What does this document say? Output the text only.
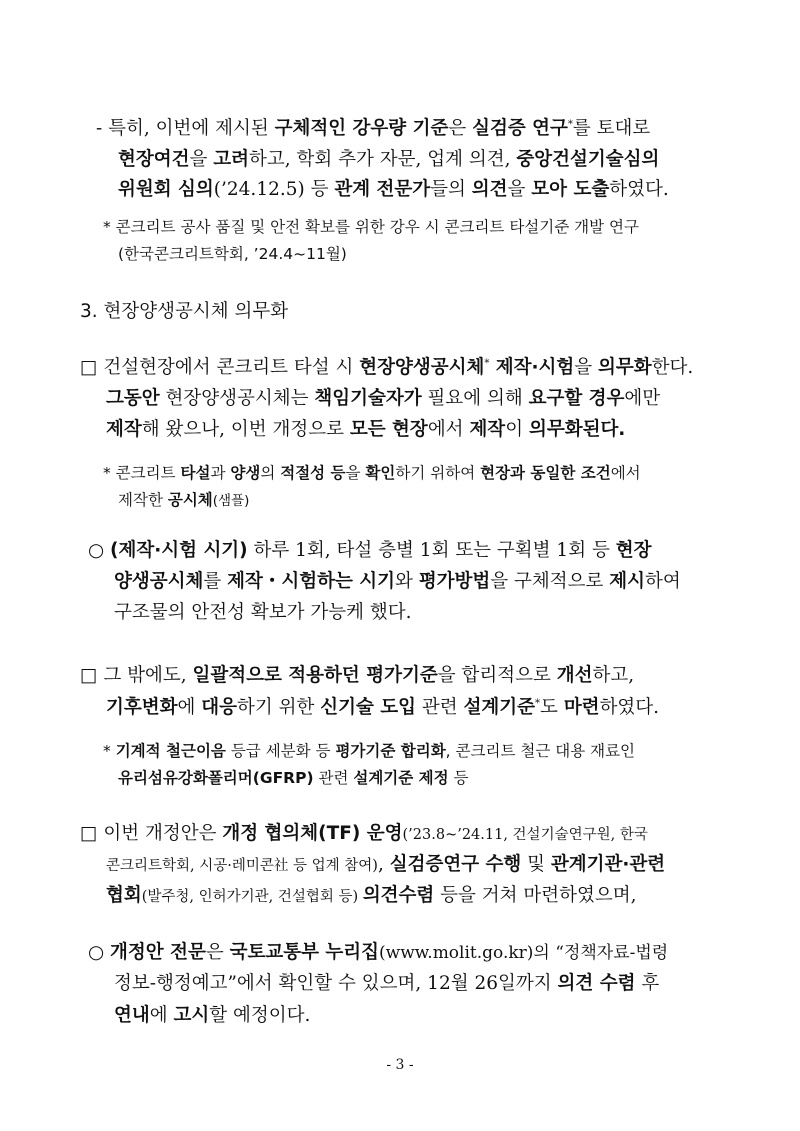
- 특히, 이번에 제시된 구체적인 강우량 기준은 실검증 연구*를 토대로
현장여건을 고려하고, 학회 추가 자문, 업계 의견, 중앙건설기술심의
위원회 심의(’24.12.5) 등 관계 전문가들의 의견을 모아 도출하였다.
* 콘크리트 공사 품질 및 안전 확보를 위한 강우 시 콘크리트 타설기준 개발 연구
(한국콘크리트학회, ’24.4~11월)
3. 현장양생공시체 의무화
□ 건설현장에서 콘크리트 타설 시 현장양생공시체* 제작·시험을 의무화한다.
그동안 현장양생공시체는 책임기술자가 필요에 의해 요구할 경우에만
제작해 왔으나, 이번 개정으로 모든 현장에서 제작이 의무화된다.
* 콘크리트 타설과 양생의 적절성 등을 확인하기 위하여 현장과 동일한 조건에서
제작한 공시체(샘플)
○ (제작·시험 시기) 하루 1회, 타설 층별 1회 또는 구획별 1회 등 현장
양생공시체를 제작・시험하는 시기와 평가방법을 구체적으로 제시하여
구조물의 안전성 확보가 가능케 했다.
□ 그 밖에도, 일괄적으로 적용하던 평가기준을 합리적으로 개선하고,
기후변화에 대응하기 위한 신기술 도입 관련 설계기준*도 마련하였다.
* 기계적 철근이음 등급 세분화 등 평가기준 합리화, 콘크리트 철근 대용 재료인
유리섬유강화폴리머(GFRP) 관련 설계기준 제정 등
□ 이번 개정안은 개정 협의체(TF) 운영(’23.8~’24.11, 건설기술연구원, 한국
콘크리트학회, 시공·레미콘社 등 업계 참여), 실검증연구 수행 및 관계기관·관련
협회(발주청, 인허가기관, 건설협회 등) 의견수렴 등을 거쳐 마련하였으며,
○ 개정안 전문은 국토교통부 누리집(www.molit.go.kr)의 “정책자료-법령
정보-행정예고”에서 확인할 수 있으며, 12월 26일까지 의견 수렴 후
연내에 고시할 예정이다.
- 3 -
